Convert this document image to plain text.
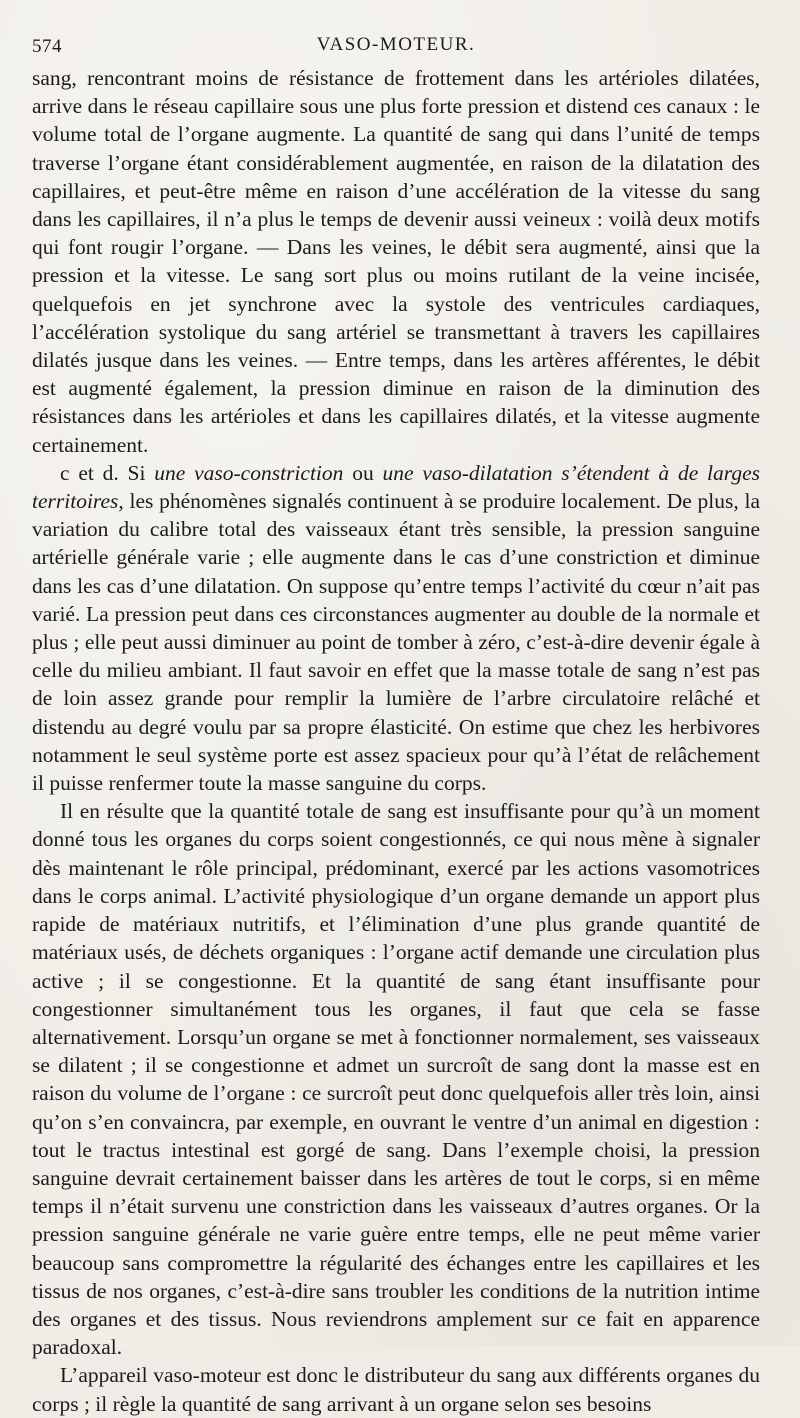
574	VASO-MOTEUR.

sang, rencontrant moins de résistance de frottement dans les artérioles dilatées, arrive dans le réseau capillaire sous une plus forte pression et distend ces canaux : le volume total de l’organe augmente. La quantité de sang qui dans l’unité de temps traverse l’organe étant considérablement augmentée, en raison de la dilatation des capillaires, et peut-être même en raison d’une accélération de la vitesse du sang dans les capillaires, il n’a plus le temps de devenir aussi veineux : voilà deux motifs qui font rougir l’organe. — Dans les veines, le débit sera augmenté, ainsi que la pression et la vitesse. Le sang sort plus ou moins rutilant de la veine incisée, quelquefois en jet synchrone avec la systole des ventricules cardiaques, l’accélération systolique du sang artériel se transmettant à travers les capillaires dilatés jusque dans les veines. — Entre temps, dans les artères afférentes, le débit est augmenté également, la pression diminue en raison de la diminution des résistances dans les artérioles et dans les capillaires dilatés, et la vitesse augmente certainement.

c et d. Si une vaso-constriction ou une vaso-dilatation s’étendent à de larges territoires, les phénomènes signalés continuent à se produire localement. De plus, la variation du calibre total des vaisseaux étant très sensible, la pression sanguine artérielle générale varie ; elle augmente dans le cas d’une constriction et diminue dans les cas d’une dilatation. On suppose qu’entre temps l’activité du cœur n’ait pas varié. La pression peut dans ces circonstances augmenter au double de la normale et plus ; elle peut aussi diminuer au point de tomber à zéro, c’est-à-dire devenir égale à celle du milieu ambiant. Il faut savoir en effet que la masse totale de sang n’est pas de loin assez grande pour remplir la lumière de l’arbre circulatoire relâché et distendu au degré voulu par sa propre élasticité. On estime que chez les herbivores notamment le seul système porte est assez spacieux pour qu’à l’état de relâchement il puisse renfermer toute la masse sanguine du corps.

Il en résulte que la quantité totale de sang est insuffisante pour qu’à un moment donné tous les organes du corps soient congestionnés, ce qui nous mène à signaler dès maintenant le rôle principal, prédominant, exercé par les actions vasomotrices dans le corps animal. L’activité physiologique d’un organe demande un apport plus rapide de matériaux nutritifs, et l’élimination d’une plus grande quantité de matériaux usés, de déchets organiques : l’organe actif demande une circulation plus active ; il se congestionne. Et la quantité de sang étant insuffisante pour congestionner simultanément tous les organes, il faut que cela se fasse alternativement. Lorsqu’un organe se met à fonctionner normalement, ses vaisseaux se dilatent ; il se congestionne et admet un surcroît de sang dont la masse est en raison du volume de l’organe : ce surcroît peut donc quelquefois aller très loin, ainsi qu’on s’en convaincra, par exemple, en ouvrant le ventre d’un animal en digestion : tout le tractus intestinal est gorgé de sang. Dans l’exemple choisi, la pression sanguine devrait certainement baisser dans les artères de tout le corps, si en même temps il n’était survenu une constriction dans les vaisseaux d’autres organes. Or la pression sanguine générale ne varie guère entre temps, elle ne peut même varier beaucoup sans compromettre la régularité des échanges entre les capillaires et les tissus de nos organes, c’est-à-dire sans troubler les conditions de la nutrition intime des organes et des tissus. Nous reviendrons amplement sur ce fait en apparence paradoxal.

L’appareil vaso-moteur est donc le distributeur du sang aux différents organes du corps ; il règle la quantité de sang arrivant à un organe selon ses besoins
